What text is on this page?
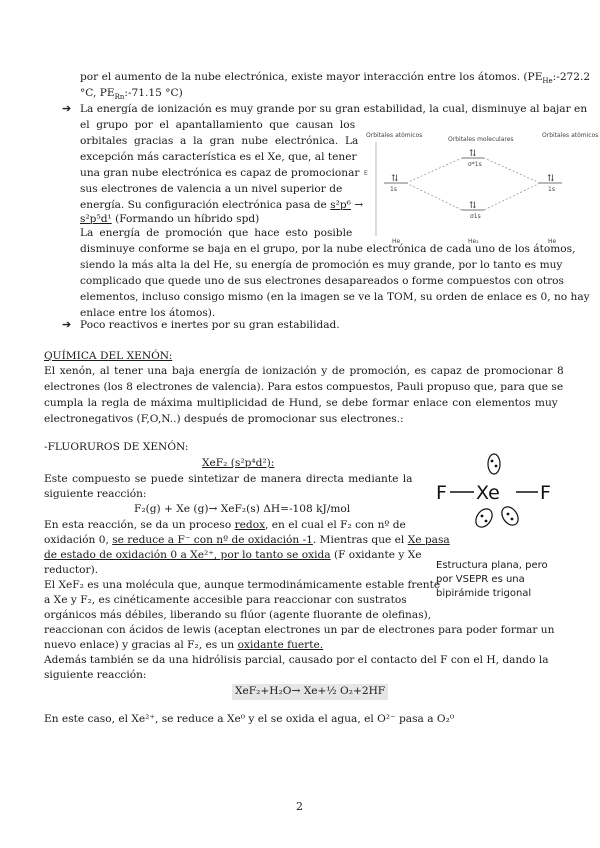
por el aumento de la nube electrónica, existe mayor interacción entre los átomos. ($PE_{He}:-272.2$
°C, $PE_{Rn}:-71.15$ °C)
➔ La energía de ionización es muy grande por su gran estabilidad, la cual, disminuye al bajar en
el grupo por el apantallamiento que causan los
orbitales gracias a la gran nube electrónica. La
excepción más característica es el Xe, que, al tener
una gran nube electrónica es capaz de promocionar
sus electrones de valencia a un nivel superior de
energía. Su configuración electrónica pasa de s²p⁶ →
s²p⁵d¹ (Formando un híbrido spd)
La energía de promoción que hace esto posible
disminuye conforme se baja en el grupo, por la nube electrónica de cada uno de los átomos,
siendo la más alta la del He, su energía de promoción es muy grande, por lo tanto es muy
complicado que quede uno de sus electrones desapareados o forme compuestos con otros
elementos, incluso consigo mismo (en la imagen se ve la TOM, su orden de enlace es 0, no hay
enlace entre los átomos).
⇅	⇅
⇅
⇅
Orbitales atómicos
Orbitales moleculares
Orbitales atómicos
E
1s	1s
σ*1s
σ1s
He	He₂	He
➔ Poco reactivos e inertes por su gran estabilidad.
QUÍMICA DEL XENÓN:
El xenón, al tener una baja energía de ionización y de promoción, es capaz de promocionar 8
electrones (los 8 electrones de valencia). Para estos compuestos, Pauli propuso que, para que se
cumpla la regla de máxima multiplicidad de Hund, se debe formar enlace con elementos muy
electronegativos (F,O,N..) después de promocionar sus electrones.:
-FLUORUROS DE XENÓN:
XeF₂ (s²p⁴d²):
Este compuesto se puede sintetizar de manera directa mediante la
siguiente reacción:
F₂(g) + Xe (g)→ XeF₂(s) ΔH=-108 kJ/mol
En esta reacción, se da un proceso redox, en el cual el F₂ con nº de
oxidación 0, se reduce a F⁻ con nº de oxidación -1. Mientras que el Xe pasa
de estado de oxidación 0 a Xe²⁺, por lo tanto se oxida (F oxidante y Xe
reductor).
El XeF₂ es una molécula que, aunque termodinámicamente estable frente
a Xe y F₂, es cinéticamente accesible para reaccionar con sustratos
orgánicos más débiles, liberando su flúor (agente fluorante de olefinas),
reaccionan con ácidos de lewis (aceptan electrones un par de electrones para poder formar un
nuevo enlace) y gracias al F₂, es un oxidante fuerte.
Además también se da una hidrólisis parcial, causado por el contacto del F con el H, dando la
siguiente reacción:
XeF₂+H₂O→ Xe+½ O₂+2HF
En este caso, el Xe²⁺, se reduce a Xe⁰ y el se oxida el agua, el O²⁻ pasa a O₂⁰
F Xe F
Estructura plana, pero
por VSEPR es una
bipirámide trigonal
2
